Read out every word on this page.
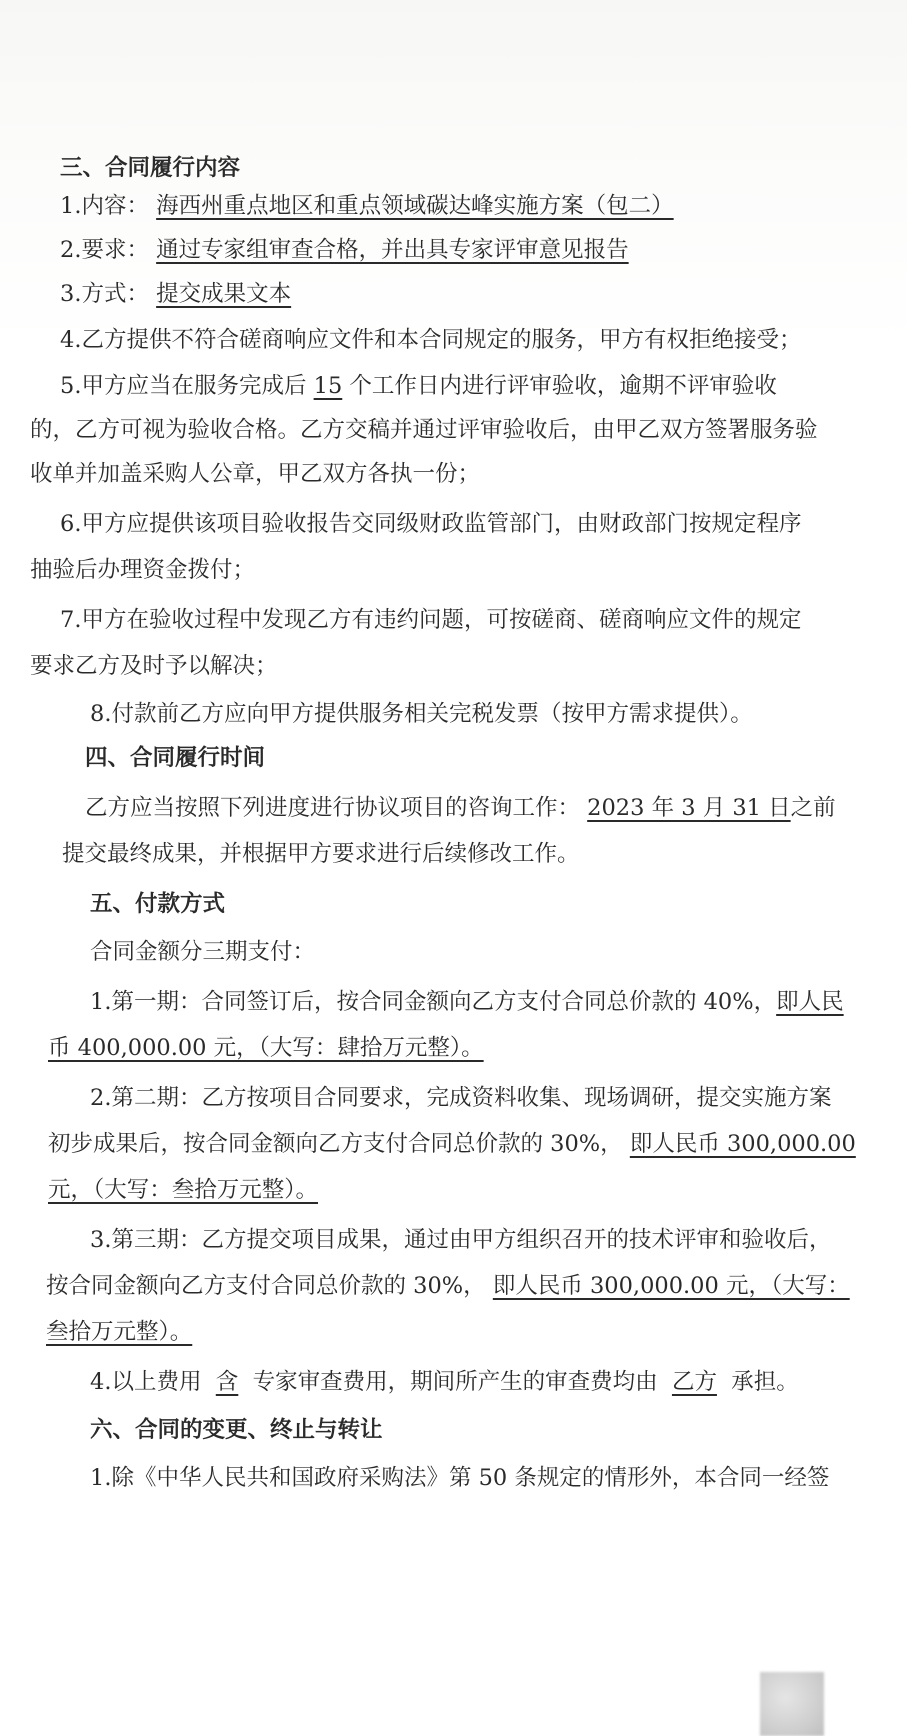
三、合同履行内容
1.内容： 海西州重点地区和重点领域碳达峰实施方案（包二）
2.要求： 通过专家组审查合格，并出具专家评审意见报告
3.方式： 提交成果文本
4.乙方提供不符合磋商响应文件和本合同规定的服务，甲方有权拒绝接受；
5.甲方应当在服务完成后 15 个工作日内进行评审验收，逾期不评审验收
的，乙方可视为验收合格。乙方交稿并通过评审验收后，由甲乙双方签署服务验
收单并加盖采购人公章，甲乙双方各执一份；
6.甲方应提供该项目验收报告交同级财政监管部门，由财政部门按规定程序
抽验后办理资金拨付；
7.甲方在验收过程中发现乙方有违约问题，可按磋商、磋商响应文件的规定
要求乙方及时予以解决；
8.付款前乙方应向甲方提供服务相关完税发票（按甲方需求提供）。
四、合同履行时间
乙方应当按照下列进度进行协议项目的咨询工作： 2023 年 3 月 31 日之前
提交最终成果，并根据甲方要求进行后续修改工作。
五、付款方式
合同金额分三期支付：
1.第一期：合同签订后，按合同金额向乙方支付合同总价款的 40%，即人民
币 400,000.00 元，（大写：肆拾万元整）。
2.第二期：乙方按项目合同要求，完成资料收集、现场调研，提交实施方案
初步成果后，按合同金额向乙方支付合同总价款的 30%， 即人民币 300,000.00
元，（大写：叁拾万元整）。
3.第三期：乙方提交项目成果，通过由甲方组织召开的技术评审和验收后，
按合同金额向乙方支付合同总价款的 30%， 即人民币 300,000.00 元，（大写：
叁拾万元整）。
4.以上费用 含 专家审查费用，期间所产生的审查费均由 乙方 承担。
六、合同的变更、终止与转让
1.除《中华人民共和国政府采购法》第 50 条规定的情形外，本合同一经签
